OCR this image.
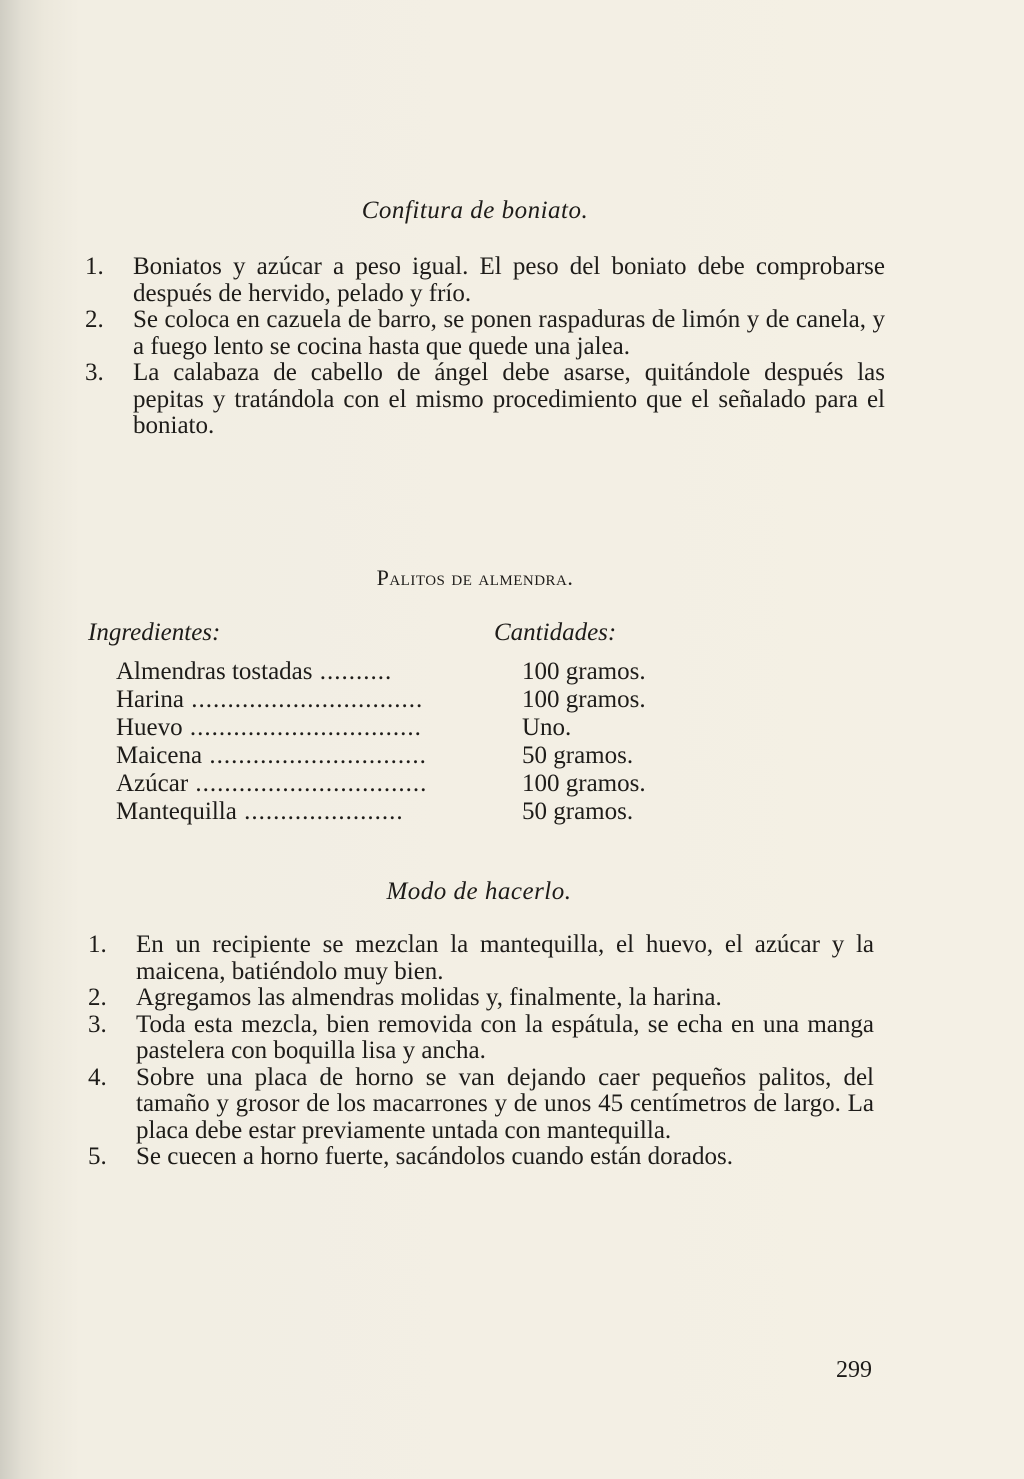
Confitura de boniato.
1. Boniatos y azúcar a peso igual. El peso del boniato debe comprobarse después de hervido, pelado y frío.
2. Se coloca en cazuela de barro, se ponen raspaduras de limón y de canela, y a fuego lento se cocina hasta que quede una jalea.
3. La calabaza de cabello de ángel debe asarse, quitándole después las pepitas y tratándola con el mismo procedimiento que el señalado para el boniato.
Palitos de almendra.
Ingredientes:	Cantidades:
Almendras tostadas ..........	100 gramos.
Harina ................................	100 gramos.
Huevo ................................	Uno.
Maicena ..............................	50 gramos.
Azúcar ................................	100 gramos.
Mantequilla ......................	50 gramos.
Modo de hacerlo.
1. En un recipiente se mezclan la mantequilla, el huevo, el azúcar y la maicena, batiéndolo muy bien.
2. Agregamos las almendras molidas y, finalmente, la harina.
3. Toda esta mezcla, bien removida con la espátula, se echa en una manga pastelera con boquilla lisa y ancha.
4. Sobre una placa de horno se van dejando caer pequeños palitos, del tamaño y grosor de los macarrones y de unos 45 centímetros de largo. La placa debe estar previamente untada con mantequilla.
5. Se cuecen a horno fuerte, sacándolos cuando están dorados.
299
